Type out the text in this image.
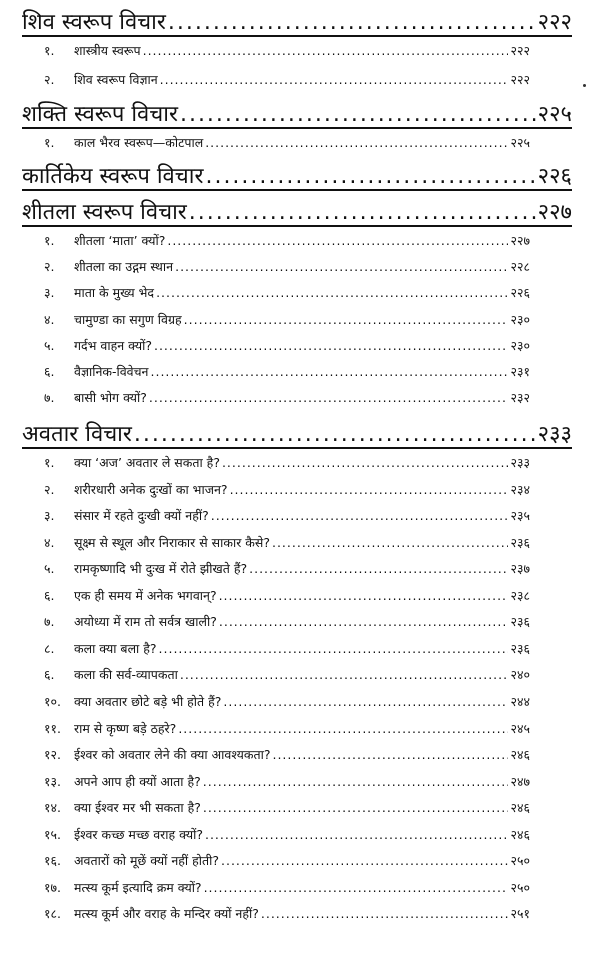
शिव स्वरूप विचार .....	२२२
१.	शास्त्रीय स्वरूप .....	२२२
२.	शिव स्वरूप विज्ञान .....	२२२
शक्ति स्वरूप विचार .....	२२५
१.	काल भैरव स्वरूप—कोटपाल .....	२२५
कार्तिकेय स्वरूप विचार .....	२२६
शीतला स्वरूप विचार .....	२२७
१.	शीतला ‘माता’ क्यों? .....	२२७
२.	शीतला का उद्गम स्थान .....	२२८
३.	माता के मुख्य भेद .....	२२६
४.	चामुण्डा का सगुण विग्रह .....	२३०
५.	गर्दभ वाहन क्यों? .....	२३०
६.	वैज्ञानिक-विवेचन .....	२३१
७.	बासी भोग क्यों? .....	२३२
अवतार विचार .....	२३३
१.	क्या ‘अज’ अवतार ले सकता है? .....	२३३
२.	शरीरधारी अनेक दुःखों का भाजन? .....	२३४
३.	संसार में रहते दुःखी क्यों नहीं? .....	२३५
४.	सूक्ष्म से स्थूल और निराकार से साकार कैसे? .....	२३६
५.	रामकृष्णादि भी दुःख में रोते झीखते हैं? .....	२३७
६.	एक ही समय में अनेक भगवान्? .....	२३८
७.	अयोध्या में राम तो सर्वत्र खाली? .....	२३६
८.	कला क्या बला है? .....	२३६
६.	कला की सर्व-व्यापकता .....	२४०
१०.	क्या अवतार छोटे बड़े भी होते हैं? .....	२४४
११.	राम से कृष्ण बड़े ठहरे? .....	२४५
१२.	ईश्वर को अवतार लेने की क्या आवश्यकता? .....	२४६
१३.	अपने आप ही क्यों आता है? .....	२४७
१४.	क्या ईश्वर मर भी सकता है? .....	२४६
१५.	ईश्वर कच्छ मच्छ वराह क्यों? .....	२४६
१६.	अवतारों को मूछें क्यों नहीं होती? .....	२५०
१७.	मत्स्य कूर्म इत्यादि क्रम क्यों? .....	२५०
१८.	मत्स्य कूर्म और वराह के मन्दिर क्यों नहीं? .....	२५१
